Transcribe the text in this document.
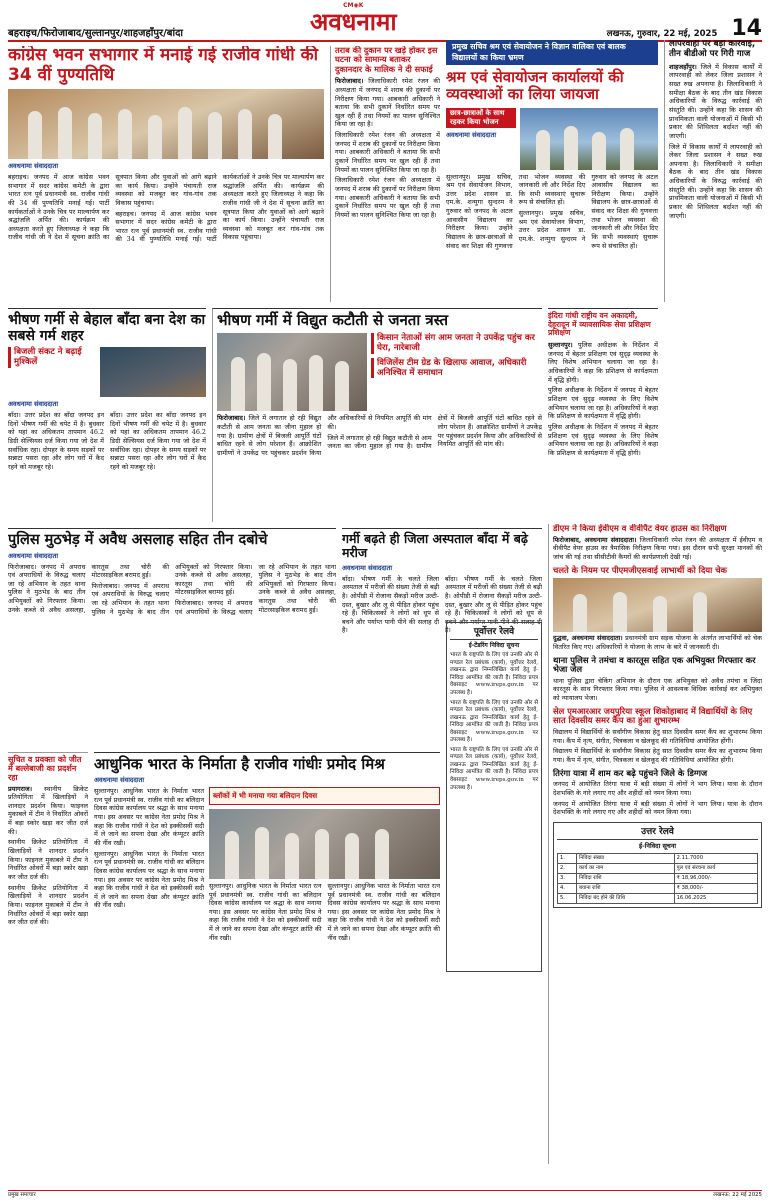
बहराइच/फिरोजाबाद/सुल्तानपुर/शाहजहाँपुर/बांदा	लखनऊ, गुरुवार, 22 मई, 2025 14
CM◉K
अवधनामा
कांग्रेस भवन सभागार में मनाई गई राजीव गांधी की 34 वीं पुण्यतिथि
अवधनामा संवाददाता

बहराइच। जनपद में आज कांग्रेस भवन सभागार में सदर कांग्रेस कमेटी के द्वारा भारत रत्न पूर्व प्रधानमंत्री स्व. राजीव गांधी की 34 वीं पुण्यतिथि मनाई गई। पार्टी कार्यकर्ताओं ने उनके चित्र पर माल्यार्पण कर श्रद्धांजलि अर्पित की। कार्यक्रम की अध्यक्षता करते हुए जिलाध्यक्ष ने कहा कि राजीव गांधी जी ने देश में सूचना क्रांति का सूत्रपात किया और युवाओं को आगे बढ़ाने का कार्य किया। उन्होंने पंचायती राज व्यवस्था को मजबूत कर गांव-गांव तक विकास पहुंचाया।

बहराइच। जनपद में आज कांग्रेस भवन सभागार में सदर कांग्रेस कमेटी के द्वारा भारत रत्न पूर्व प्रधानमंत्री स्व. राजीव गांधी की 34 वीं पुण्यतिथि मनाई गई। पार्टी कार्यकर्ताओं ने उनके चित्र पर माल्यार्पण कर श्रद्धांजलि अर्पित की। कार्यक्रम की अध्यक्षता करते हुए जिलाध्यक्ष ने कहा कि राजीव गांधी जी ने देश में सूचना क्रांति का सूत्रपात किया और युवाओं को आगे बढ़ाने का कार्य किया। उन्होंने पंचायती राज व्यवस्था को मजबूत कर गांव-गांव तक विकास पहुंचाया।

तराब की दुकान पर खड़े होकर इस घटना को सामान्य बताकर दुकानदार के मालिक ने दी सफाई

फिरोजाबाद। जिलाधिकारी रमेश रंजन की अध्यक्षता में जनपद में शराब की दुकानों पर निरीक्षण किया गया। आबकारी अधिकारी ने बताया कि सभी दुकानें निर्धारित समय पर खुल रही हैं तथा नियमों का पालन सुनिश्चित किया जा रहा है।

जिलाधिकारी रमेश रंजन की अध्यक्षता में जनपद में शराब की दुकानों पर निरीक्षण किया गया। आबकारी अधिकारी ने बताया कि सभी दुकानें निर्धारित समय पर खुल रही हैं तथा नियमों का पालन सुनिश्चित किया जा रहा है।

जिलाधिकारी रमेश रंजन की अध्यक्षता में जनपद में शराब की दुकानों पर निरीक्षण किया गया। आबकारी अधिकारी ने बताया कि सभी दुकानें निर्धारित समय पर खुल रही हैं तथा नियमों का पालन सुनिश्चित किया जा रहा है।

प्रमुख सचिव श्रम एवं सेवायोजन ने विज्ञान वालिका एवं बालक विद्यालयों का किया भ्रमण
श्रम एवं सेवायोजन कार्यालयों की व्यवस्थाओं का लिया जायजा
छात्र-छात्राओं के साथ रहकर किया भोजन
अवधनामा संवाददाता

सुल्तानपुर। प्रमुख सचिव, श्रम एवं सेवायोजन विभाग, उत्तर प्रदेश शासन डा. एम.के. शन्मुगा सुन्दरम ने गुरुवार को जनपद के अटल आवासीय विद्यालय का निरीक्षण किया। उन्होंने विद्यालय के छात्र-छात्राओं से संवाद कर शिक्षा की गुणवत्ता तथा भोजन व्यवस्था की जानकारी ली और निर्देश दिए कि सभी व्यवस्थाएं सुचारू रूप से संचालित हों।

सुल्तानपुर। प्रमुख सचिव, श्रम एवं सेवायोजन विभाग, उत्तर प्रदेश शासन डा. एम.के. शन्मुगा सुन्दरम ने गुरुवार को जनपद के अटल आवासीय विद्यालय का निरीक्षण किया। उन्होंने विद्यालय के छात्र-छात्राओं से संवाद कर शिक्षा की गुणवत्ता तथा भोजन व्यवस्था की जानकारी ली और निर्देश दिए कि सभी व्यवस्थाएं सुचारू रूप से संचालित हों।

लापरवाही पर बड़ी कार्रवाई, तीन बीडीओ पर गिरी गाज

शाहजहाँपुर। जिले में विकास कार्यों में लापरवाही को लेकर जिला प्रशासन ने सख्त रुख अपनाया है। जिलाधिकारी ने समीक्षा बैठक के बाद तीन खंड विकास अधिकारियों के विरुद्ध कार्रवाई की संस्तुति की। उन्होंने कहा कि शासन की प्राथमिकता वाली योजनाओं में किसी भी प्रकार की शिथिलता बर्दाश्त नहीं की जाएगी।

जिले में विकास कार्यों में लापरवाही को लेकर जिला प्रशासन ने सख्त रुख अपनाया है। जिलाधिकारी ने समीक्षा बैठक के बाद तीन खंड विकास अधिकारियों के विरुद्ध कार्रवाई की संस्तुति की। उन्होंने कहा कि शासन की प्राथमिकता वाली योजनाओं में किसी भी प्रकार की शिथिलता बर्दाश्त नहीं की जाएगी।

भीषण गर्मी से बेहाल बाँदा बना देश का सबसे गर्म शहर
बिजली संकट ने बढ़ाई मुश्किलें
अवधनामा संवाददाता

बाँदा। उत्तर प्रदेश का बाँदा जनपद इन दिनों भीषण गर्मी की चपेट में है। बुधवार को यहां का अधिकतम तापमान 46.2 डिग्री सेल्सियस दर्ज किया गया जो देश में सर्वाधिक रहा। दोपहर के समय सड़कों पर सन्नाटा पसरा रहा और लोग घरों में कैद रहने को मजबूर रहे।

बाँदा। उत्तर प्रदेश का बाँदा जनपद इन दिनों भीषण गर्मी की चपेट में है। बुधवार को यहां का अधिकतम तापमान 46.2 डिग्री सेल्सियस दर्ज किया गया जो देश में सर्वाधिक रहा। दोपहर के समय सड़कों पर सन्नाटा पसरा रहा और लोग घरों में कैद रहने को मजबूर रहे।

भीषण गर्मी में विद्युत कटौती से जनता त्रस्त
किसान नेताओं संग आम जनता ने उपकेंद्र पहुंच कर घेरा, नारेबाजी
विजिलेंस टीम ग्रेड के खिलाफ आवाज, अधिकारी अनिश्चित में समाधान

फिरोजाबाद। जिले में लगातार हो रही विद्युत कटौती से आम जनता का जीना मुहाल हो गया है। ग्रामीण क्षेत्रों में बिजली आपूर्ति घंटों बाधित रहने से लोग परेशान हैं। आक्रोशित ग्रामीणों ने उपकेंद्र पर पहुंचकर प्रदर्शन किया और अधिकारियों से नियमित आपूर्ति की मांग की।

जिले में लगातार हो रही विद्युत कटौती से आम जनता का जीना मुहाल हो गया है। ग्रामीण क्षेत्रों में बिजली आपूर्ति घंटों बाधित रहने से लोग परेशान हैं। आक्रोशित ग्रामीणों ने उपकेंद्र पर पहुंचकर प्रदर्शन किया और अधिकारियों से नियमित आपूर्ति की मांग की।

इंदिरा गांधी राष्ट्रीय वन अकादमी, देहरादून में व्यावसायिक सेवा प्रशिक्षण प्रशिक्षण

सुल्तानपुर। पुलिस अधीक्षक के निर्देशन में जनपद में बेहतर प्रशिक्षण एवं सुदृढ़ व्यवस्था के लिए विशेष अभियान चलाया जा रहा है। अधिकारियों ने कहा कि प्रशिक्षण से कार्यक्षमता में वृद्धि होगी।

पुलिस अधीक्षक के निर्देशन में जनपद में बेहतर प्रशिक्षण एवं सुदृढ़ व्यवस्था के लिए विशेष अभियान चलाया जा रहा है। अधिकारियों ने कहा कि प्रशिक्षण से कार्यक्षमता में वृद्धि होगी।

पुलिस अधीक्षक के निर्देशन में जनपद में बेहतर प्रशिक्षण एवं सुदृढ़ व्यवस्था के लिए विशेष अभियान चलाया जा रहा है। अधिकारियों ने कहा कि प्रशिक्षण से कार्यक्षमता में वृद्धि होगी।

डीएम ने किया ईवीएम व वीवीपैट वेयर हाउस का निरीक्षण

फिरोजाबाद, अवधनामा संवाददाता। जिलाधिकारी रमेश रंजन की अध्यक्षता में ईवीएम व वीवीपैट वेयर हाउस का त्रैमासिक निरीक्षण किया गया। इस दौरान सभी सुरक्षा मानकों की जांच की गई तथा सीसीटीवी कैमरों की कार्यप्रणाली देखी गई।

चलते के नियम पर पीएमजीएसवाई लाभार्थी को दिया चेक

दुद्धवा, अवधनामा संवाददाता। प्रधानमंत्री ग्राम सड़क योजना के अंतर्गत लाभार्थियों को चेक वितरित किए गए। अधिकारियों ने योजना के लाभ के बारे में जानकारी दी।

थाना पुलिस ने तमंचा व कारतूस सहित एक अभियुक्त गिरफ्तार कर भेजा जेल

थाना पुलिस द्वारा चेकिंग अभियान के दौरान एक अभियुक्त को अवैध तमंचा व जिंदा कारतूस के साथ गिरफ्तार किया गया। पुलिस ने आवश्यक विधिक कार्रवाई कर अभियुक्त को न्यायालय भेजा।

सेल एमआरआर जयपुरिया स्कूल शिकोहाबाद में विद्यार्थियों के लिए सात दिवसीय समर कैंप का हुआ शुभारम्भ

विद्यालय में विद्यार्थियों के सर्वांगीण विकास हेतु सात दिवसीय समर कैंप का शुभारम्भ किया गया। कैंप में नृत्य, संगीत, चित्रकला व खेलकूद की गतिविधियां आयोजित होंगी।

विद्यालय में विद्यार्थियों के सर्वांगीण विकास हेतु सात दिवसीय समर कैंप का शुभारम्भ किया गया। कैंप में नृत्य, संगीत, चित्रकला व खेलकूद की गतिविधियां आयोजित होंगी।

तिरंगा यात्रा में शाम कर बढ़े पहुंचने जिले के डिग्गज

जनपद में आयोजित तिरंगा यात्रा में बड़ी संख्या में लोगों ने भाग लिया। यात्रा के दौरान देशभक्ति के नारे लगाए गए और शहीदों को नमन किया गया।

जनपद में आयोजित तिरंगा यात्रा में बड़ी संख्या में लोगों ने भाग लिया। यात्रा के दौरान देशभक्ति के नारे लगाए गए और शहीदों को नमन किया गया।

उत्तर रेलवे
ई-निविदा सूचना
1.	निविदा संख्या	2.11.7000
2.	कार्य का नाम	पुल एवं संरचना कार्य
3.	निविदा राशि	₹ 18,96,000/-
4.	बयाना राशि	₹ 38,000/-
5.	निविदा बंद होने की तिथि	16.06.2025
पुलिस मुठभेड़ में अवैध असलाह सहित तीन दबोचे
अवधनामा संवाददाता

फिरोजाबाद। जनपद में अपराध एवं अपराधियों के विरुद्ध चलाए जा रहे अभियान के तहत थाना पुलिस ने मुठभेड़ के बाद तीन अभियुक्तों को गिरफ्तार किया। उनके कब्जे से अवैध असलहा, कारतूस तथा चोरी की मोटरसाइकिल बरामद हुई।

फिरोजाबाद। जनपद में अपराध एवं अपराधियों के विरुद्ध चलाए जा रहे अभियान के तहत थाना पुलिस ने मुठभेड़ के बाद तीन अभियुक्तों को गिरफ्तार किया। उनके कब्जे से अवैध असलहा, कारतूस तथा चोरी की मोटरसाइकिल बरामद हुई।

फिरोजाबाद। जनपद में अपराध एवं अपराधियों के विरुद्ध चलाए जा रहे अभियान के तहत थाना पुलिस ने मुठभेड़ के बाद तीन अभियुक्तों को गिरफ्तार किया। उनके कब्जे से अवैध असलहा, कारतूस तथा चोरी की मोटरसाइकिल बरामद हुई।

सूचित व प्रवक्ता को जीत में बल्लेबाजी का प्रदर्शन रहा

प्रयागराज। स्थानीय क्रिकेट प्रतियोगिता में खिलाड़ियों ने शानदार प्रदर्शन किया। फाइनल मुकाबले में टीम ने निर्धारित ओवरों में बड़ा स्कोर खड़ा कर जीत दर्ज की।

स्थानीय क्रिकेट प्रतियोगिता में खिलाड़ियों ने शानदार प्रदर्शन किया। फाइनल मुकाबले में टीम ने निर्धारित ओवरों में बड़ा स्कोर खड़ा कर जीत दर्ज की।

स्थानीय क्रिकेट प्रतियोगिता में खिलाड़ियों ने शानदार प्रदर्शन किया। फाइनल मुकाबले में टीम ने निर्धारित ओवरों में बड़ा स्कोर खड़ा कर जीत दर्ज की।

गर्मी बढ़ते ही जिला अस्पताल बाँदा में बढ़े मरीज
अवधनामा संवाददाता

बाँदा। भीषण गर्मी के चलते जिला अस्पताल में मरीजों की संख्या तेजी से बढ़ी है। ओपीडी में रोजाना सैकड़ों मरीज उल्टी-दस्त, बुखार और लू से पीड़ित होकर पहुंच रहे हैं। चिकित्सकों ने लोगों को धूप से बचने और पर्याप्त पानी पीने की सलाह दी है।

बाँदा। भीषण गर्मी के चलते जिला अस्पताल में मरीजों की संख्या तेजी से बढ़ी है। ओपीडी में रोजाना सैकड़ों मरीज उल्टी-दस्त, बुखार और लू से पीड़ित होकर पहुंच रहे हैं। चिकित्सकों ने लोगों को धूप से बचने और पर्याप्त पानी पीने की सलाह दी है।	पूर्वोत्तर रेलवे
ई-टेंडरिंग निविदा सूचना

भारत के राष्ट्रपति के लिए एवं उनकी ओर से मण्डल रेल प्रबंधक (कार्य), पूर्वोत्तर रेलवे, लखनऊ द्वारा निम्नलिखित कार्य हेतु ई-निविदा आमंत्रित की जाती है। निविदा प्रपत्र वेबसाइट www.ireps.gov.in पर उपलब्ध है।

भारत के राष्ट्रपति के लिए एवं उनकी ओर से मण्डल रेल प्रबंधक (कार्य), पूर्वोत्तर रेलवे, लखनऊ द्वारा निम्नलिखित कार्य हेतु ई-निविदा आमंत्रित की जाती है। निविदा प्रपत्र वेबसाइट www.ireps.gov.in पर उपलब्ध है।

भारत के राष्ट्रपति के लिए एवं उनकी ओर से मण्डल रेल प्रबंधक (कार्य), पूर्वोत्तर रेलवे, लखनऊ द्वारा निम्नलिखित कार्य हेतु ई-निविदा आमंत्रित की जाती है। निविदा प्रपत्र वेबसाइट www.ireps.gov.in पर उपलब्ध है।

आधुनिक भारत के निर्माता है राजीव गांधीः प्रमोद मिश्र
अवधनामा संवाददाता

सुल्तानपुर। आधुनिक भारत के निर्माता भारत रत्न पूर्व प्रधानमंत्री स्व. राजीव गांधी का बलिदान दिवस कांग्रेस कार्यालय पर श्रद्धा के साथ मनाया गया। इस अवसर पर कांग्रेस नेता प्रमोद मिश्र ने कहा कि राजीव गांधी ने देश को इक्कीसवीं सदी में ले जाने का सपना देखा और कंप्यूटर क्रांति की नींव रखी।

सुल्तानपुर। आधुनिक भारत के निर्माता भारत रत्न पूर्व प्रधानमंत्री स्व. राजीव गांधी का बलिदान दिवस कांग्रेस कार्यालय पर श्रद्धा के साथ मनाया गया। इस अवसर पर कांग्रेस नेता प्रमोद मिश्र ने कहा कि राजीव गांधी ने देश को इक्कीसवीं सदी में ले जाने का सपना देखा और कंप्यूटर क्रांति की नींव रखी।

ब्लॉकों में भी मनाया गया बलिदान दिवस

सुल्तानपुर। आधुनिक भारत के निर्माता भारत रत्न पूर्व प्रधानमंत्री स्व. राजीव गांधी का बलिदान दिवस कांग्रेस कार्यालय पर श्रद्धा के साथ मनाया गया। इस अवसर पर कांग्रेस नेता प्रमोद मिश्र ने कहा कि राजीव गांधी ने देश को इक्कीसवीं सदी में ले जाने का सपना देखा और कंप्यूटर क्रांति की नींव रखी।

सुल्तानपुर। आधुनिक भारत के निर्माता भारत रत्न पूर्व प्रधानमंत्री स्व. राजीव गांधी का बलिदान दिवस कांग्रेस कार्यालय पर श्रद्धा के साथ मनाया गया। इस अवसर पर कांग्रेस नेता प्रमोद मिश्र ने कहा कि राजीव गांधी ने देश को इक्कीसवीं सदी में ले जाने का सपना देखा और कंप्यूटर क्रांति की नींव रखी।

प्रमुख समाचार	लखनऊ: 22 मई 2025
